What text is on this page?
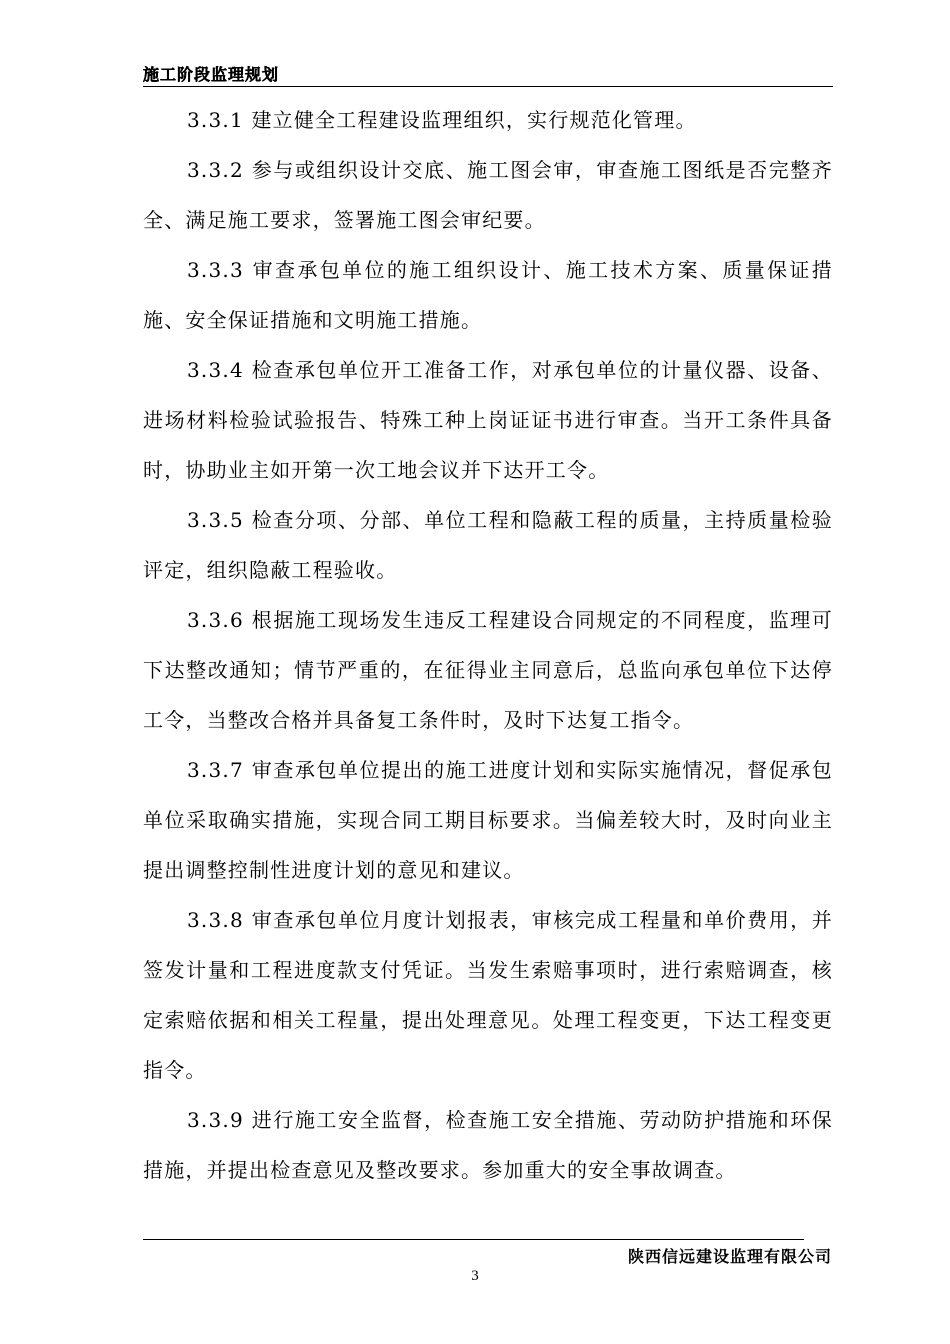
施工阶段监理规划

3.3.1 建立健全工程建设监理组织，实行规范化管理。

3.3.2 参与或组织设计交底、施工图会审，审查施工图纸是否完整齐全、满足施工要求，签署施工图会审纪要。

3.3.3 审查承包单位的施工组织设计、施工技术方案、质量保证措施、安全保证措施和文明施工措施。

3.3.4 检查承包单位开工准备工作，对承包单位的计量仪器、设备、进场材料检验试验报告、特殊工种上岗证证书进行审查。当开工条件具备时，协助业主如开第一次工地会议并下达开工令。

3.3.5 检查分项、分部、单位工程和隐蔽工程的质量，主持质量检验评定，组织隐蔽工程验收。

3.3.6 根据施工现场发生违反工程建设合同规定的不同程度，监理可下达整改通知；情节严重的，在征得业主同意后，总监向承包单位下达停工令，当整改合格并具备复工条件时，及时下达复工指令。

3.3.7 审查承包单位提出的施工进度计划和实际实施情况，督促承包单位采取确实措施，实现合同工期目标要求。当偏差较大时，及时向业主提出调整控制性进度计划的意见和建议。

3.3.8 审查承包单位月度计划报表，审核完成工程量和单价费用，并签发计量和工程进度款支付凭证。当发生索赔事项时，进行索赔调查，核定索赔依据和相关工程量，提出处理意见。处理工程变更，下达工程变更指令。

3.3.9 进行施工安全监督，检查施工安全措施、劳动防护措施和环保措施，并提出检查意见及整改要求。参加重大的安全事故调查。

陕西信远建设监理有限公司
3
